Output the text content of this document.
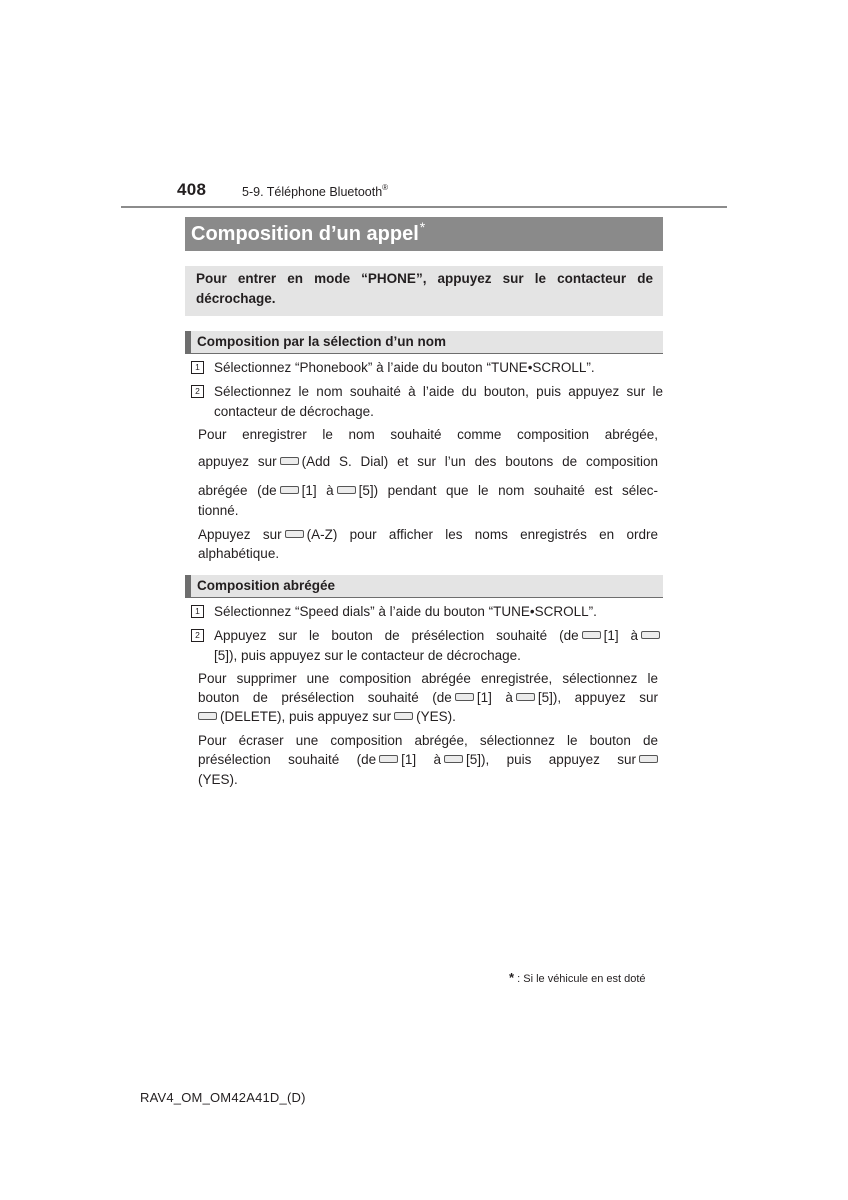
408	5-9. Téléphone Bluetooth®
Composition d’un appel*
Pour entrer en mode “PHONE”, appuyez sur le contacteur de décrochage.
Composition par la sélection d’un nom
1	Sélectionnez “Phonebook” à l’aide du bouton “TUNE•SCROLL”.
2	Sélectionnez le nom souhaité à l’aide du bouton, puis appuyez sur le contacteur de décrochage.
Pour enregistrer le nom souhaité comme composition abrégée,
appuyez sur (Add S. Dial) et sur l’un des boutons de composition
abrégée (de [1] à [5]) pendant que le nom souhaité est sélec-
tionné.
Appuyez sur (A-Z) pour afficher les noms enregistrés en ordre
alphabétique.
Composition abrégée
1	Sélectionnez “Speed dials” à l’aide du bouton “TUNE•SCROLL”.
2	Appuyez sur le bouton de présélection souhaité (de [1] à
[5]), puis appuyez sur le contacteur de décrochage.
Pour supprimer une composition abrégée enregistrée, sélectionnez le
bouton de présélection souhaité (de [1] à [5]), appuyez sur
(DELETE), puis appuyez sur (YES).
Pour écraser une composition abrégée, sélectionnez le bouton de
présélection souhaité (de [1] à [5]), puis appuyez sur
(YES).
* : Si le véhicule en est doté
RAV4_OM_OM42A41D_(D)
